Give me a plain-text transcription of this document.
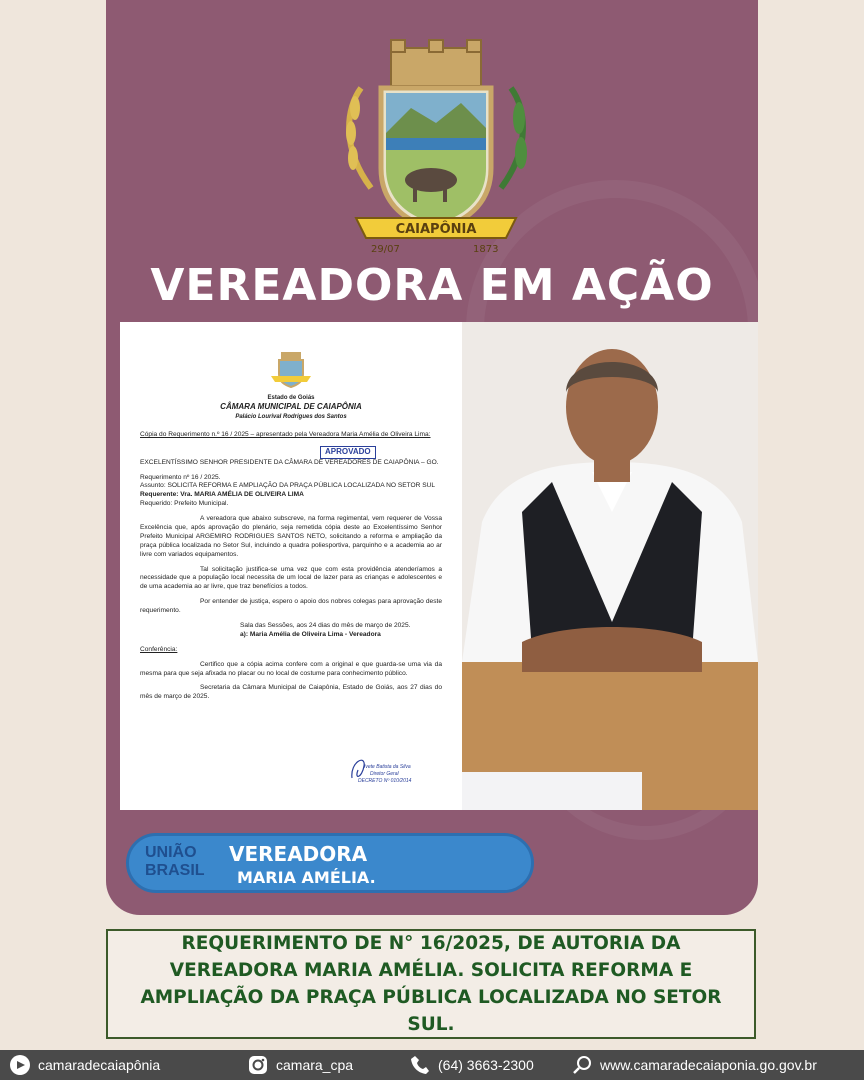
CAIAPÔNIA
29/07	1873
VEREADORA EM AÇÃO
Estado de Goiás
CÂMARA MUNICIPAL DE CAIAPÔNIA
Palácio Lourival Rodrigues dos Santos

Cópia do Requerimento n.º 16 / 2025 – apresentado pela Vereadora Maria Amélia de Oliveira Lima:

APROVADO

EXCELENTÍSSIMO SENHOR PRESIDENTE DA CÂMARA DE VEREADORES DE CAIAPÔNIA – GO.

Requerimento nº 16 / 2025.
Assunto: SOLICITA REFORMA E AMPLIAÇÃO DA PRAÇA PÚBLICA LOCALIZADA NO SETOR SUL
Requerente: Vra. MARIA AMÉLIA DE OLIVEIRA LIMA

Requerido: Prefeito Municipal.

A vereadora que abaixo subscreve, na forma regimental, vem requerer de Vossa Excelência que, após aprovação do plenário, seja remetida cópia deste ao Excelentíssimo Senhor Prefeito Municipal ARGEMIRO RODRIGUES SANTOS NETO, solicitando a reforma e ampliação da praça pública localizada no Setor Sul, incluindo a quadra poliesportiva, parquinho e a academia ao ar livre com variados equipamentos.

Tal solicitação justifica-se uma vez que com esta providência atenderíamos a necessidade que a população local necessita de um local de lazer para as crianças e adolescentes e de uma academia ao ar livre, que traz benefícios a todos.

Por entender de justiça, espero o apoio dos nobres colegas para aprovação deste requerimento.

Sala das Sessões, aos 24 dias do mês de março de 2025.

a): Maria Amélia de Oliveira Lima - Vereadora

Conferência:

Certifico que a cópia acima confere com a original e que guarda-se uma via da mesma para que seja afixada no placar ou no local de costume para conhecimento público.

Secretaria da Câmara Municipal de Caiapônia, Estado de Goiás, aos 27 dias do mês de março de 2025.

Ivete Batista da Silva
Diretor Geral
DECRETO Nº 010/2014
UNIÃO
BRASIL
VEREADORA
MARIA AMÉLIA.
REQUERIMENTO DE N° 16/2025, DE AUTORIA DA VEREADORA MARIA AMÉLIA. SOLICITA REFORMA E AMPLIAÇÃO DA PRAÇA PÚBLICA LOCALIZADA NO SETOR SUL.
camaradecaiapônia	camara_cpa	(64) 3663-2300	www.camaradecaiaponia.go.gov.br
